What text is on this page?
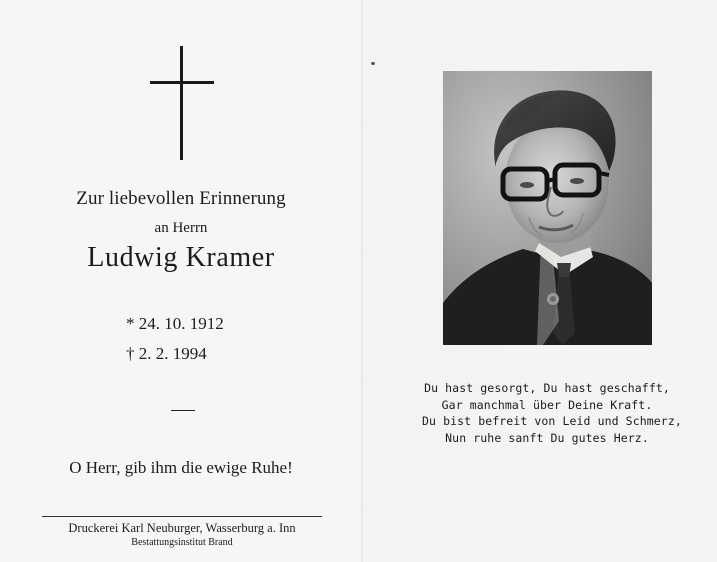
Zur liebevollen Erinnerung
an Herrn
Ludwig Kramer
* 24. 10. 1912
† 2. 2. 1994
O Herr, gib ihm die ewige Ruhe!
Druckerei Karl Neuburger, Wasserburg a. Inn
Bestattungsinstitut Brand
Du hast gesorgt, Du hast geschafft,
Gar manchmal über Deine Kraft.
Du bist befreit von Leid und Schmerz,
Nun ruhe sanft Du gutes Herz.
